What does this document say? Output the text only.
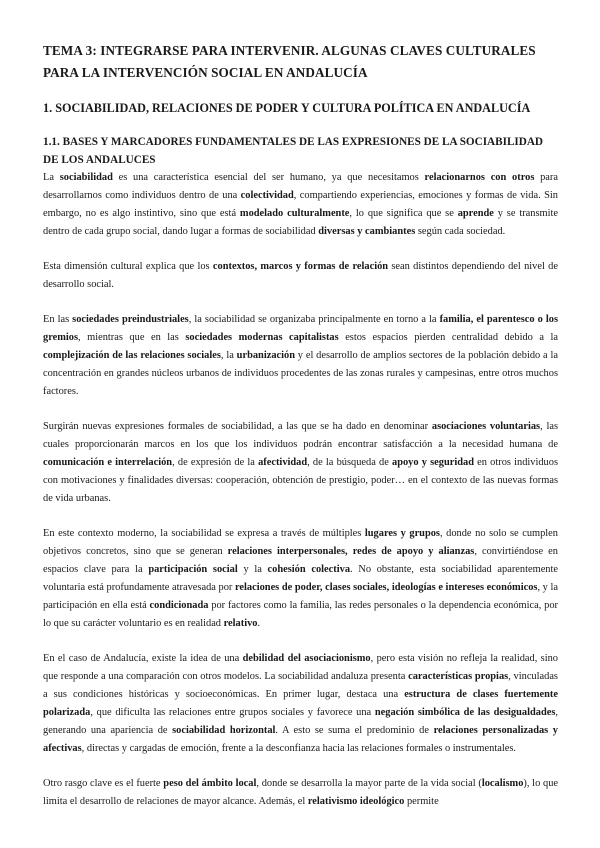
TEMA 3: INTEGRARSE PARA INTERVENIR. ALGUNAS CLAVES CULTURALES PARA LA INTERVENCIÓN SOCIAL EN ANDALUCÍA
1. SOCIABILIDAD, RELACIONES DE PODER Y CULTURA POLÍTICA EN ANDALUCÍA
1.1. BASES Y MARCADORES FUNDAMENTALES DE LAS EXPRESIONES DE LA SOCIABILIDAD DE LOS ANDALUCES

La sociabilidad es una característica esencial del ser humano, ya que necesitamos relacionarnos con otros para desarrollarnos como individuos dentro de una colectividad, compartiendo experiencias, emociones y formas de vida. Sin embargo, no es algo instintivo, sino que está modelado culturalmente, lo que significa que se aprende y se transmite dentro de cada grupo social, dando lugar a formas de sociabilidad diversas y cambiantes según cada sociedad.

Esta dimensión cultural explica que los contextos, marcos y formas de relación sean distintos dependiendo del nivel de desarrollo social.

En las sociedades preindustriales, la sociabilidad se organizaba principalmente en torno a la familia, el parentesco o los gremios, mientras que en las sociedades modernas capitalistas estos espacios pierden centralidad debido a la complejización de las relaciones sociales, la urbanización y el desarrollo de amplios sectores de la población debido a la concentración en grandes núcleos urbanos de individuos procedentes de las zonas rurales y campesinas, entre otros muchos factores.

Surgirán nuevas expresiones formales de sociabilidad, a las que se ha dado en denominar asociaciones voluntarias, las cuales proporcionarán marcos en los que los individuos podrán encontrar satisfacción a la necesidad humana de comunicación e interrelación, de expresión de la afectividad, de la búsqueda de apoyo y seguridad en otros individuos con motivaciones y finalidades diversas: cooperación, obtención de prestigio, poder… en el contexto de las nuevas formas de vida urbanas.

En este contexto moderno, la sociabilidad se expresa a través de múltiples lugares y grupos, donde no solo se cumplen objetivos concretos, sino que se generan relaciones interpersonales, redes de apoyo y alianzas, convirtiéndose en espacios clave para la participación social y la cohesión colectiva. No obstante, esta sociabilidad aparentemente voluntaria está profundamente atravesada por relaciones de poder, clases sociales, ideologías e intereses económicos, y la participación en ella está condicionada por factores como la familia, las redes personales o la dependencia económica, por lo que su carácter voluntario es en realidad relativo.

En el caso de Andalucía, existe la idea de una debilidad del asociacionismo, pero esta visión no refleja la realidad, sino que responde a una comparación con otros modelos. La sociabilidad andaluza presenta características propias, vinculadas a sus condiciones históricas y socioeconómicas. En primer lugar, destaca una estructura de clases fuertemente polarizada, que dificulta las relaciones entre grupos sociales y favorece una negación simbólica de las desigualdades, generando una apariencia de sociabilidad horizontal. A esto se suma el predominio de relaciones personalizadas y afectivas, directas y cargadas de emoción, frente a la desconfianza hacia las relaciones formales o instrumentales.

Otro rasgo clave es el fuerte peso del ámbito local, donde se desarrolla la mayor parte de la vida social (localismo), lo que limita el desarrollo de relaciones de mayor alcance. Además, el relativismo ideológico permite
